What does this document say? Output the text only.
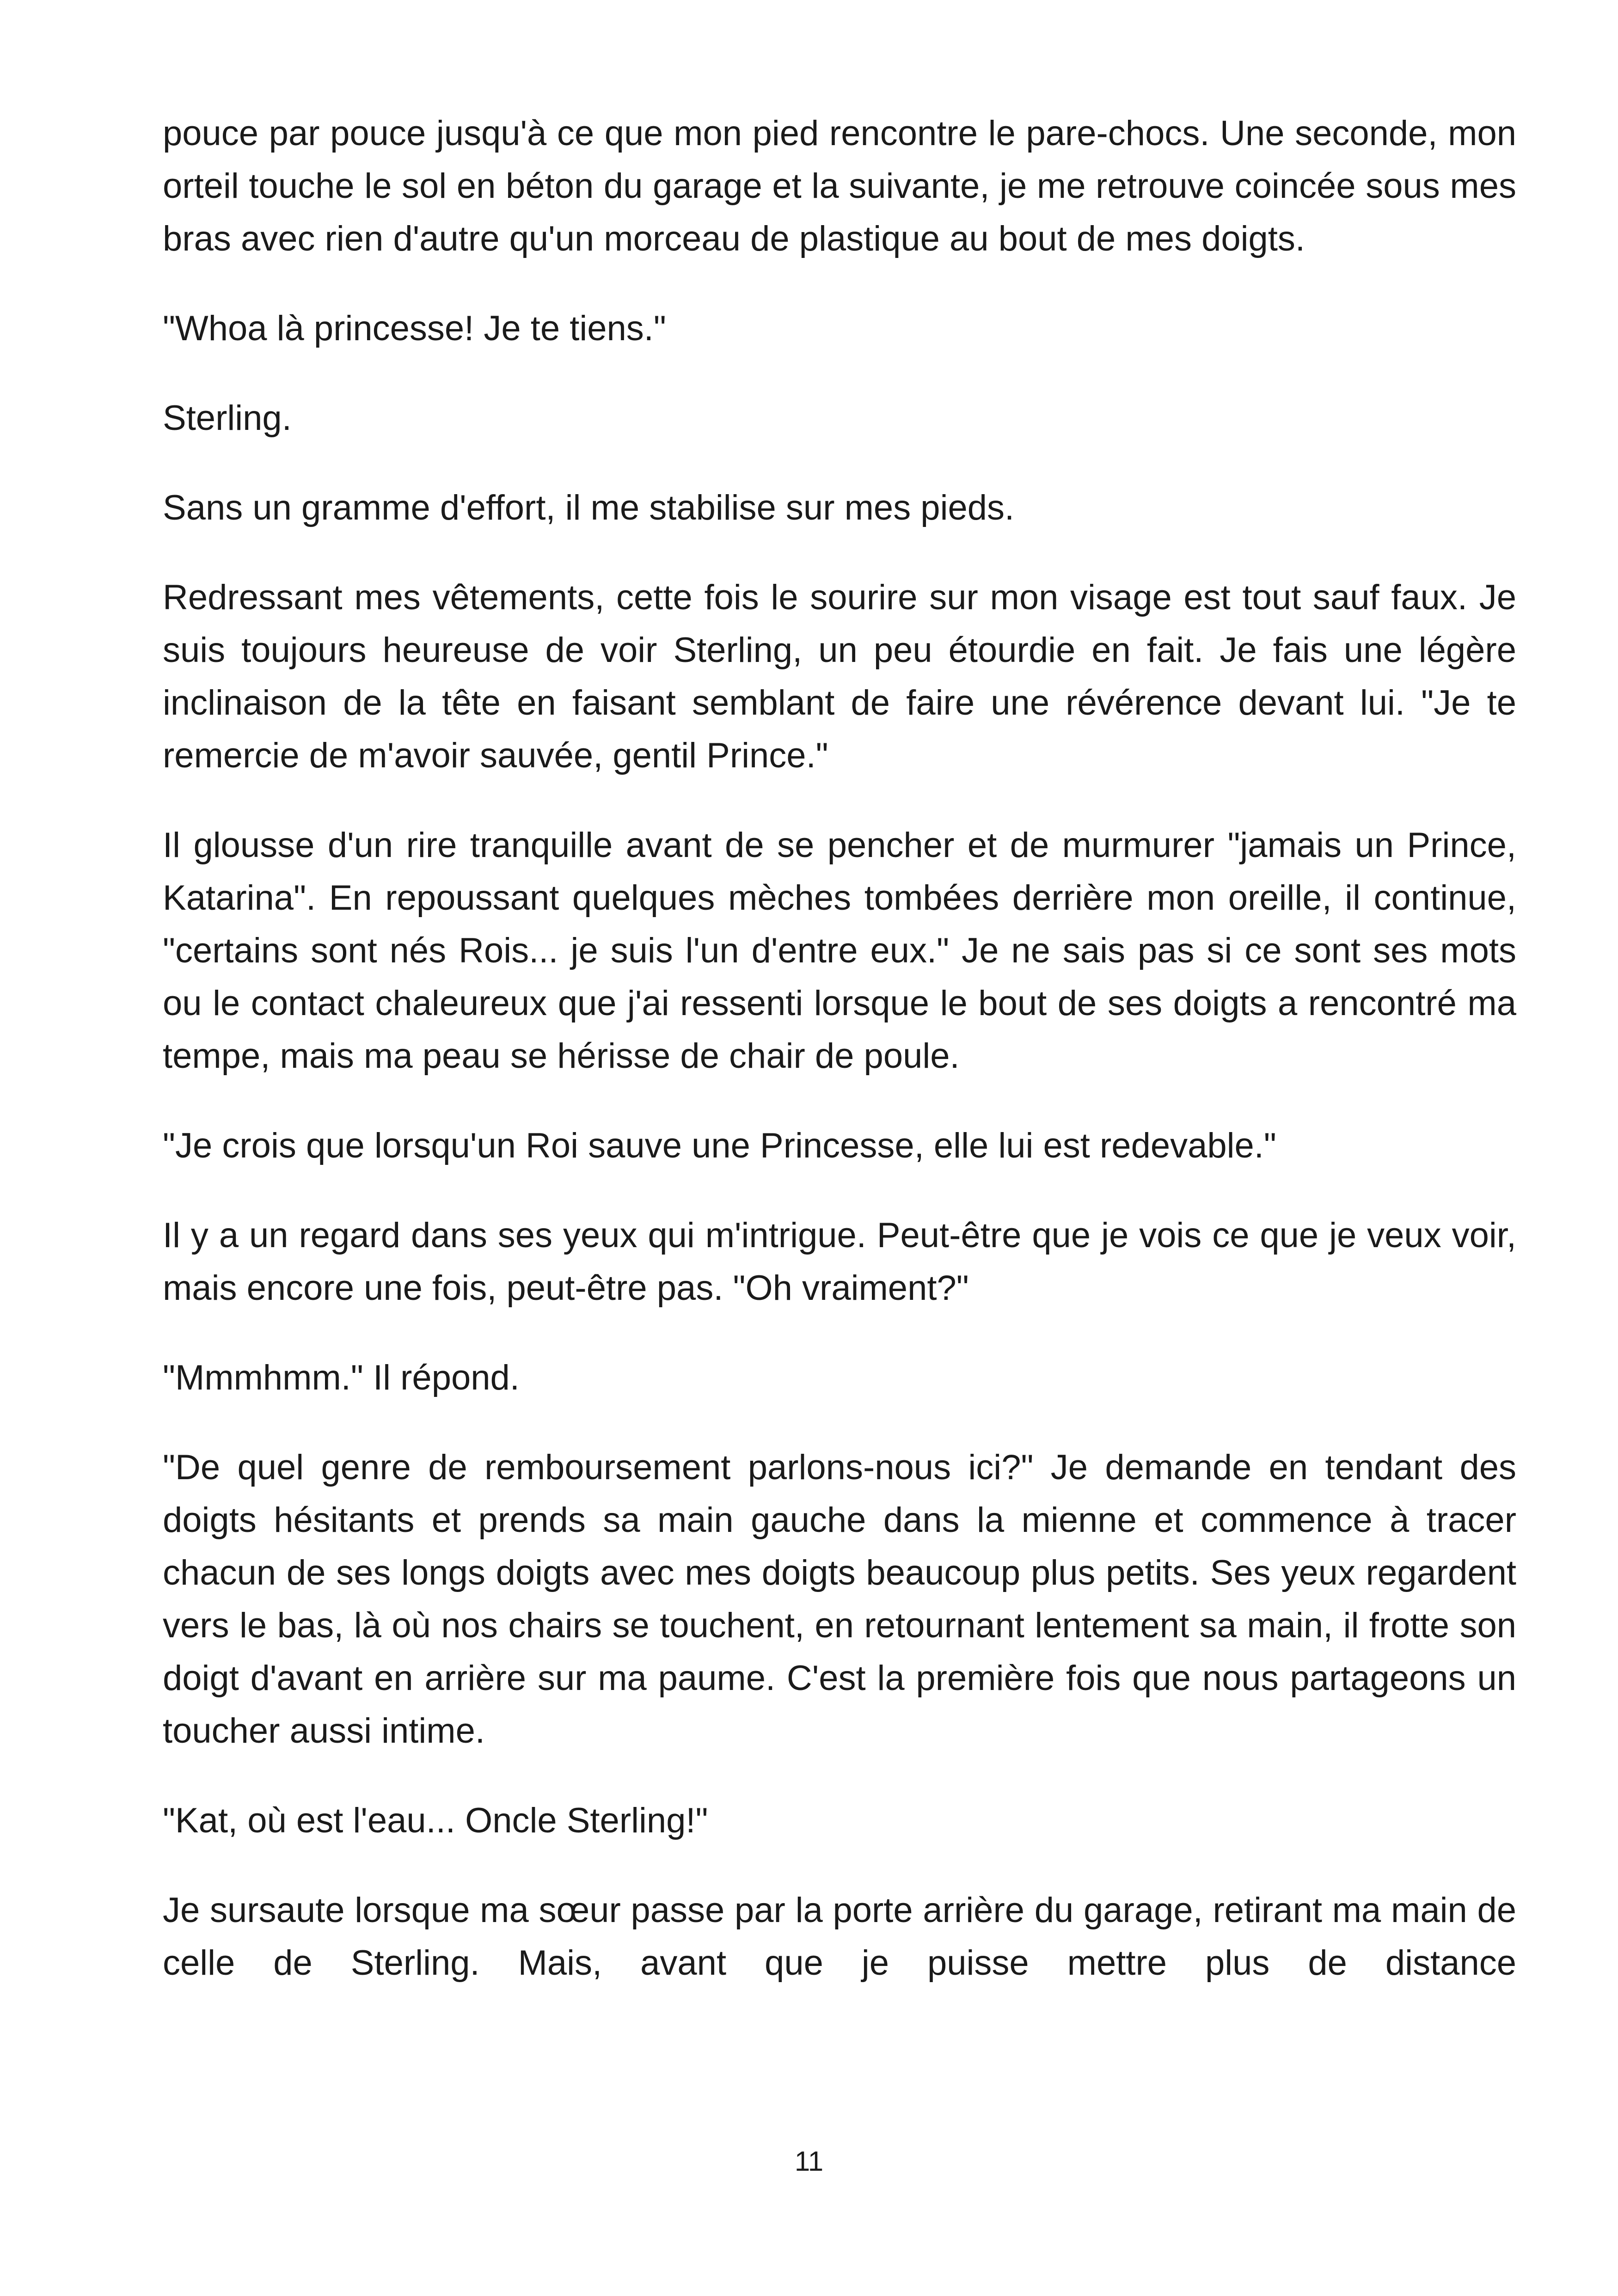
pouce par pouce jusqu'à ce que mon pied rencontre le pare-chocs. Une seconde, mon orteil touche le sol en béton du garage et la suivante, je me retrouve coincée sous mes bras avec rien d'autre qu'un morceau de plastique au bout de mes doigts.

"Whoa là princesse! Je te tiens."

Sterling.

Sans un gramme d'effort, il me stabilise sur mes pieds.

Redressant mes vêtements, cette fois le sourire sur mon visage est tout sauf faux. Je suis toujours heureuse de voir Sterling, un peu étourdie en fait. Je fais une légère inclinaison de la tête en faisant semblant de faire une révérence devant lui. "Je te remercie de m'avoir sauvée, gentil Prince."

Il glousse d'un rire tranquille avant de se pencher et de murmurer "jamais un Prince, Katarina". En repoussant quelques mèches tombées derrière mon oreille, il continue, "certains sont nés Rois... je suis l'un d'entre eux." Je ne sais pas si ce sont ses mots ou le contact chaleureux que j'ai ressenti lorsque le bout de ses doigts a rencontré ma tempe, mais ma peau se hérisse de chair de poule.

"Je crois que lorsqu'un Roi sauve une Princesse, elle lui est redevable."

Il y a un regard dans ses yeux qui m'intrigue. Peut-être que je vois ce que je veux voir, mais encore une fois, peut-être pas. "Oh vraiment?"

"Mmmhmm." Il répond.

"De quel genre de remboursement parlons-nous ici?" Je demande en tendant des doigts hésitants et prends sa main gauche dans la mienne et commence à tracer chacun de ses longs doigts avec mes doigts beaucoup plus petits. Ses yeux regardent vers le bas, là où nos chairs se touchent, en retournant lentement sa main, il frotte son doigt d'avant en arrière sur ma paume. C'est la première fois que nous partageons un toucher aussi intime.

"Kat, où est l'eau... Oncle Sterling!"

Je sursaute lorsque ma sœur passe par la porte arrière du garage, retirant ma main de celle de Sterling. Mais, avant que je puisse mettre plus de distance

11
